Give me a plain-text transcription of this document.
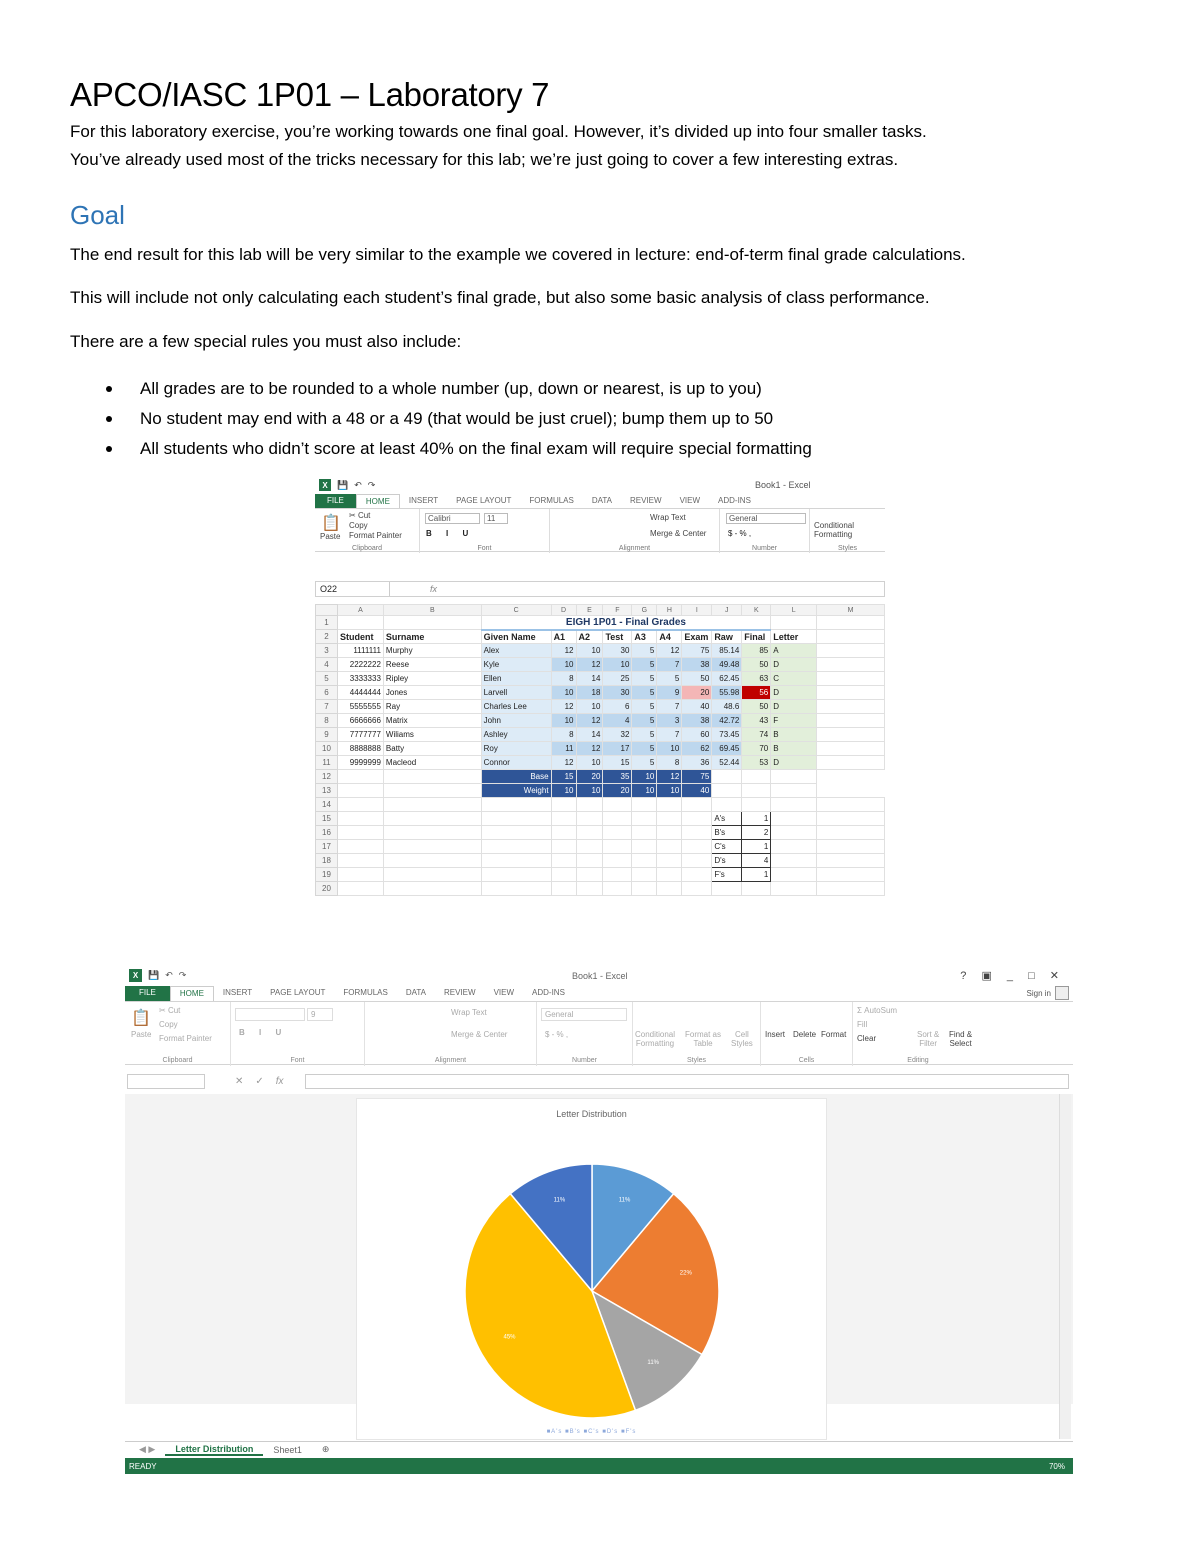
APCO/IASC 1P01 – Laboratory 7
For this laboratory exercise, you’re working towards one final goal. However, it’s divided up into four smaller tasks.
You’ve already used most of the tricks necessary for this lab; we’re just going to cover a few interesting extras.
Goal
The end result for this lab will be very similar to the example we covered in lecture: end-of-term final grade calculations.
This will include not only calculating each student’s final grade, but also some basic analysis of class performance.
There are a few special rules you must also include:
All grades are to be rounded to a whole number (up, down or nearest, is up to you)
No student may end with a 48 or a 49 (that would be just cruel); bump them up to 50
All students who didn’t score at least 40% on the final exam will require special formatting
X	💾 ↶ ↷	Book1 - Excel
FILE	HOME	INSERT	PAGE LAYOUT	FORMULAS	DATA	REVIEW	VIEW	ADD-INS
📋
Paste
✂ Cut
Copy
Format Painter
Clipboard
Calibri	11
B I U
Font
Wrap Text
Merge & Center
Alignment
General
$ - % ,
Number
Conditional
Formatting
Styles
O22	fx
	A	B	C	D	E	F	G	H	I	J	K	L	M
1			EIGH 1P01 - Final Grades										
2	Student	Surname	Given Name	A1	A2	Test	A3	A4	Exam	Raw	Final	Letter	
3	1111111	Murphy	Alex	12	10	30	5	12	75	85.14	85	A	
4	2222222	Reese	Kyle	10	12	10	5	7	38	49.48	50	D	
5	3333333	Ripley	Ellen	8	14	25	5	5	50	62.45	63	C	
6	4444444	Jones	Larvell	10	18	30	5	9	20	55.98	56	D	
7	5555555	Ray	Charles Lee	12	10	6	5	7	40	48.6	50	D	
8	6666666	Matrix	John	10	12	4	5	3	38	42.72	43	F	
9	7777777	Wiliams	Ashley	8	14	32	5	7	60	73.45	74	B	
10	8888888	Batty	Roy	11	12	17	5	10	62	69.45	70	B	
11	9999999	Macleod	Connor	12	10	15	5	8	36	52.44	53	D	
12			Base	15	20	35	10	12	75				
13			Weight	10	10	20	10	10	40				
14													
15										A's	1		
16										B's	2		
17										C's	1		
18										D's	4		
19										F's	1		
20													
X	💾 ↶ ↷	Book1 - Excel	? ▣ _ □ ✕
FILE	HOME	INSERT	PAGE LAYOUT	FORMULAS	DATA	REVIEW	VIEW	ADD-INS	Sign in
📋
Paste
✂ Cut
Copy
Format Painter
Clipboard
9
B I U
Font
Wrap Text
Merge & Center
Alignment
General
$ - % ,
Number
Conditional
Formatting
Format as
Table
Cell
Styles
Styles
Insert Delete Format
Cells
Σ AutoSum
Fill
Clear	Sort &
Filter
Find &
Select
Editing
✕✓fx
Letter Distribution
11%
22%
11%
45%
11%
■A's ■B's ■C's ■D's ■F's
◀ ▶	Letter Distribution	Sheet1	⊕
READY	70%
